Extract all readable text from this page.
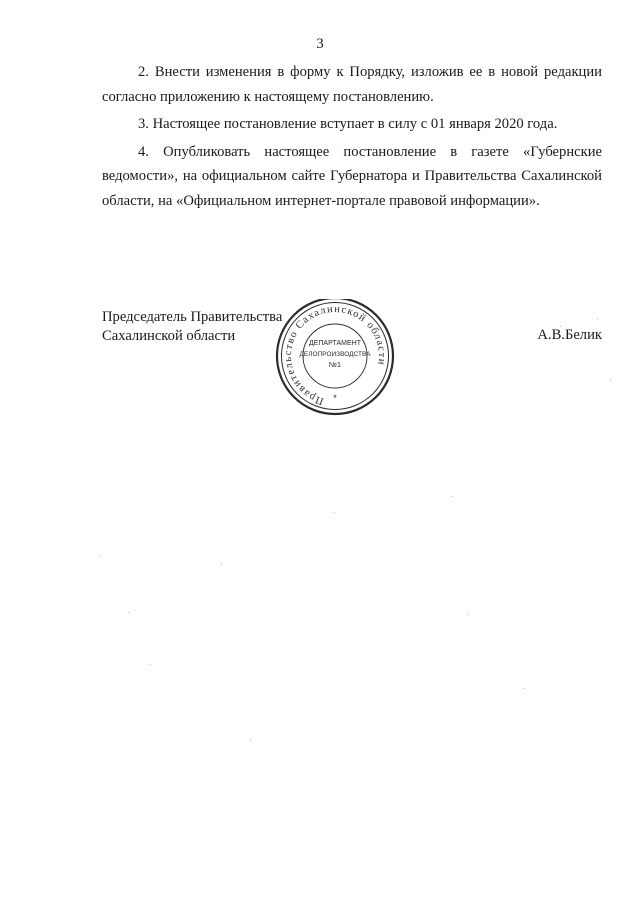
3

2. Внести изменения в форму к Порядку, изложив ее в новой редакции согласно приложению к настоящему постановлению.

3. Настоящее постановление вступает в силу с 01 января 2020 года.

4. Опубликовать настоящее постановление в газете «Губернские ведомости», на официальном сайте Губернатора и Правительства Сахалинской области, на «Официальном интернет-портале правовой информации».

Председатель Правительства
Сахалинской области	А.В.Белик
Правительство Сахалинской области
*
ДЕПАРТАМЕНТ
ДЕЛОПРОИЗВОДСТВА
№1
